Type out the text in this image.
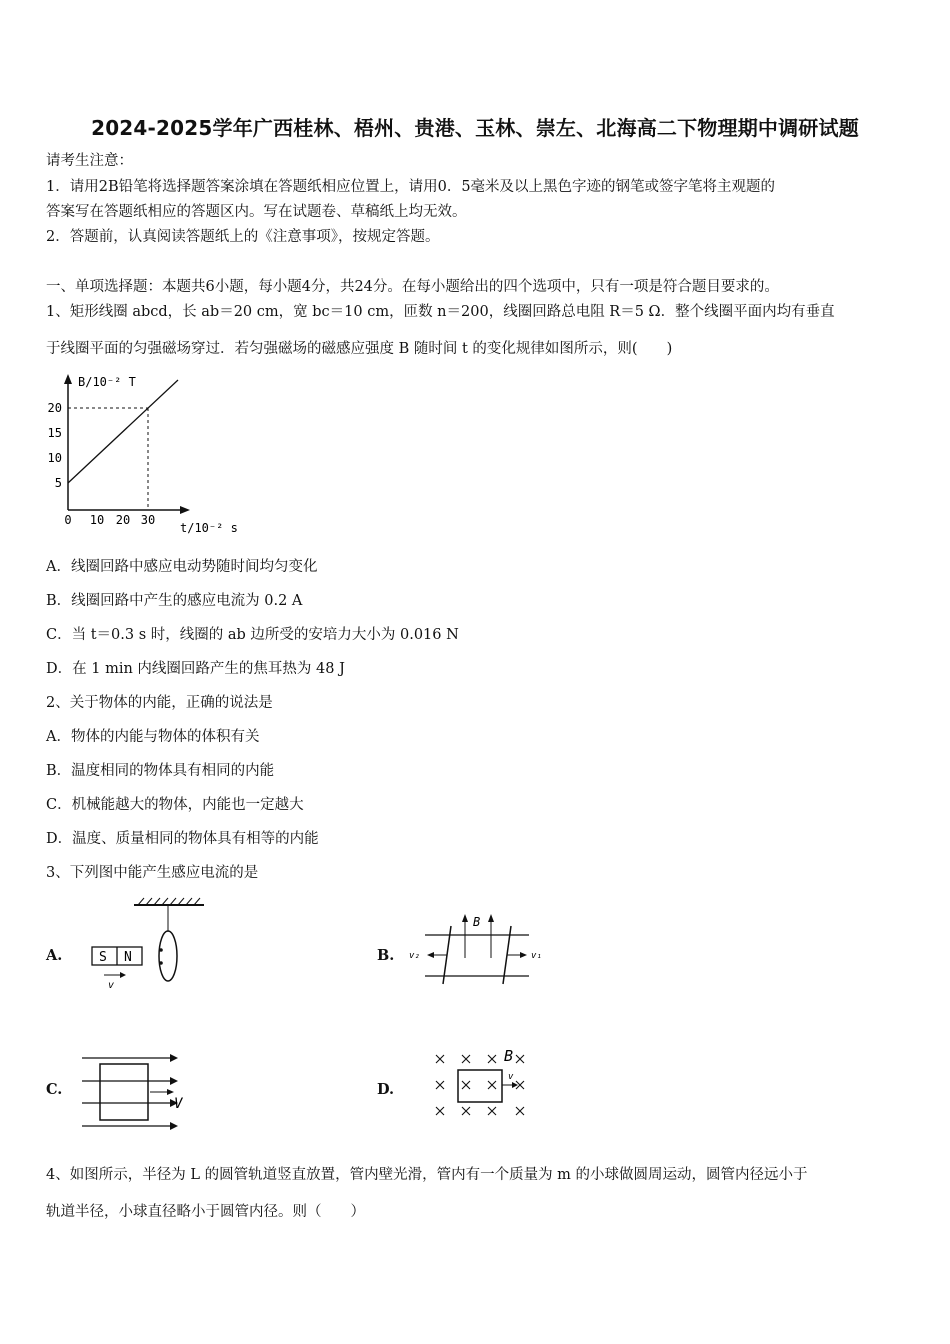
2024-2025学年广西桂林、梧州、贵港、玉林、崇左、北海高二下物理期中调研试题
请考生注意：
1．请用2B铅笔将选择题答案涂填在答题纸相应位置上，请用0．5毫米及以上黑色字迹的钢笔或签字笔将主观题的
答案写在答题纸相应的答题区内。写在试题卷、草稿纸上均无效。
2．答题前，认真阅读答题纸上的《注意事项》，按规定答题。
一、单项选择题：本题共6小题，每小题4分，共24分。在每小题给出的四个选项中，只有一项是符合题目要求的。
1、矩形线圈 abcd，长 ab＝20 cm，宽 bc＝10 cm，匝数 n＝200，线圈回路总电阻 R＝5 Ω．整个线圈平面内均有垂直
于线圈平面的匀强磁场穿过．若匀强磁场的磁感应强度 B 随时间 t 的变化规律如图所示，则(　　)
B/10⁻² T
5
10
15
20
0 10 20 30
t/10⁻² s
A．线圈回路中感应电动势随时间均匀变化
B．线圈回路中产生的感应电流为 0.2 A
C．当 t＝0.3 s 时，线圈的 ab 边所受的安培力大小为 0.016 N
D．在 1 min 内线圈回路产生的焦耳热为 48 J
2、关于物体的内能，正确的说法是
A．物体的内能与物体的体积有关
B．温度相同的物体具有相同的内能
C．机械能越大的物体，内能也一定越大
D．温度、质量相同的物体具有相等的内能
3、下列图中能产生感应电流的是
A.	B.
C.	D.
S N
v
B
v₂	v₁
V
v
B
4、如图所示，半径为 L 的圆管轨道竖直放置，管内壁光滑，管内有一个质量为 m 的小球做圆周运动，圆管内径远小于
轨道半径，小球直径略小于圆管内径。则（　　）
